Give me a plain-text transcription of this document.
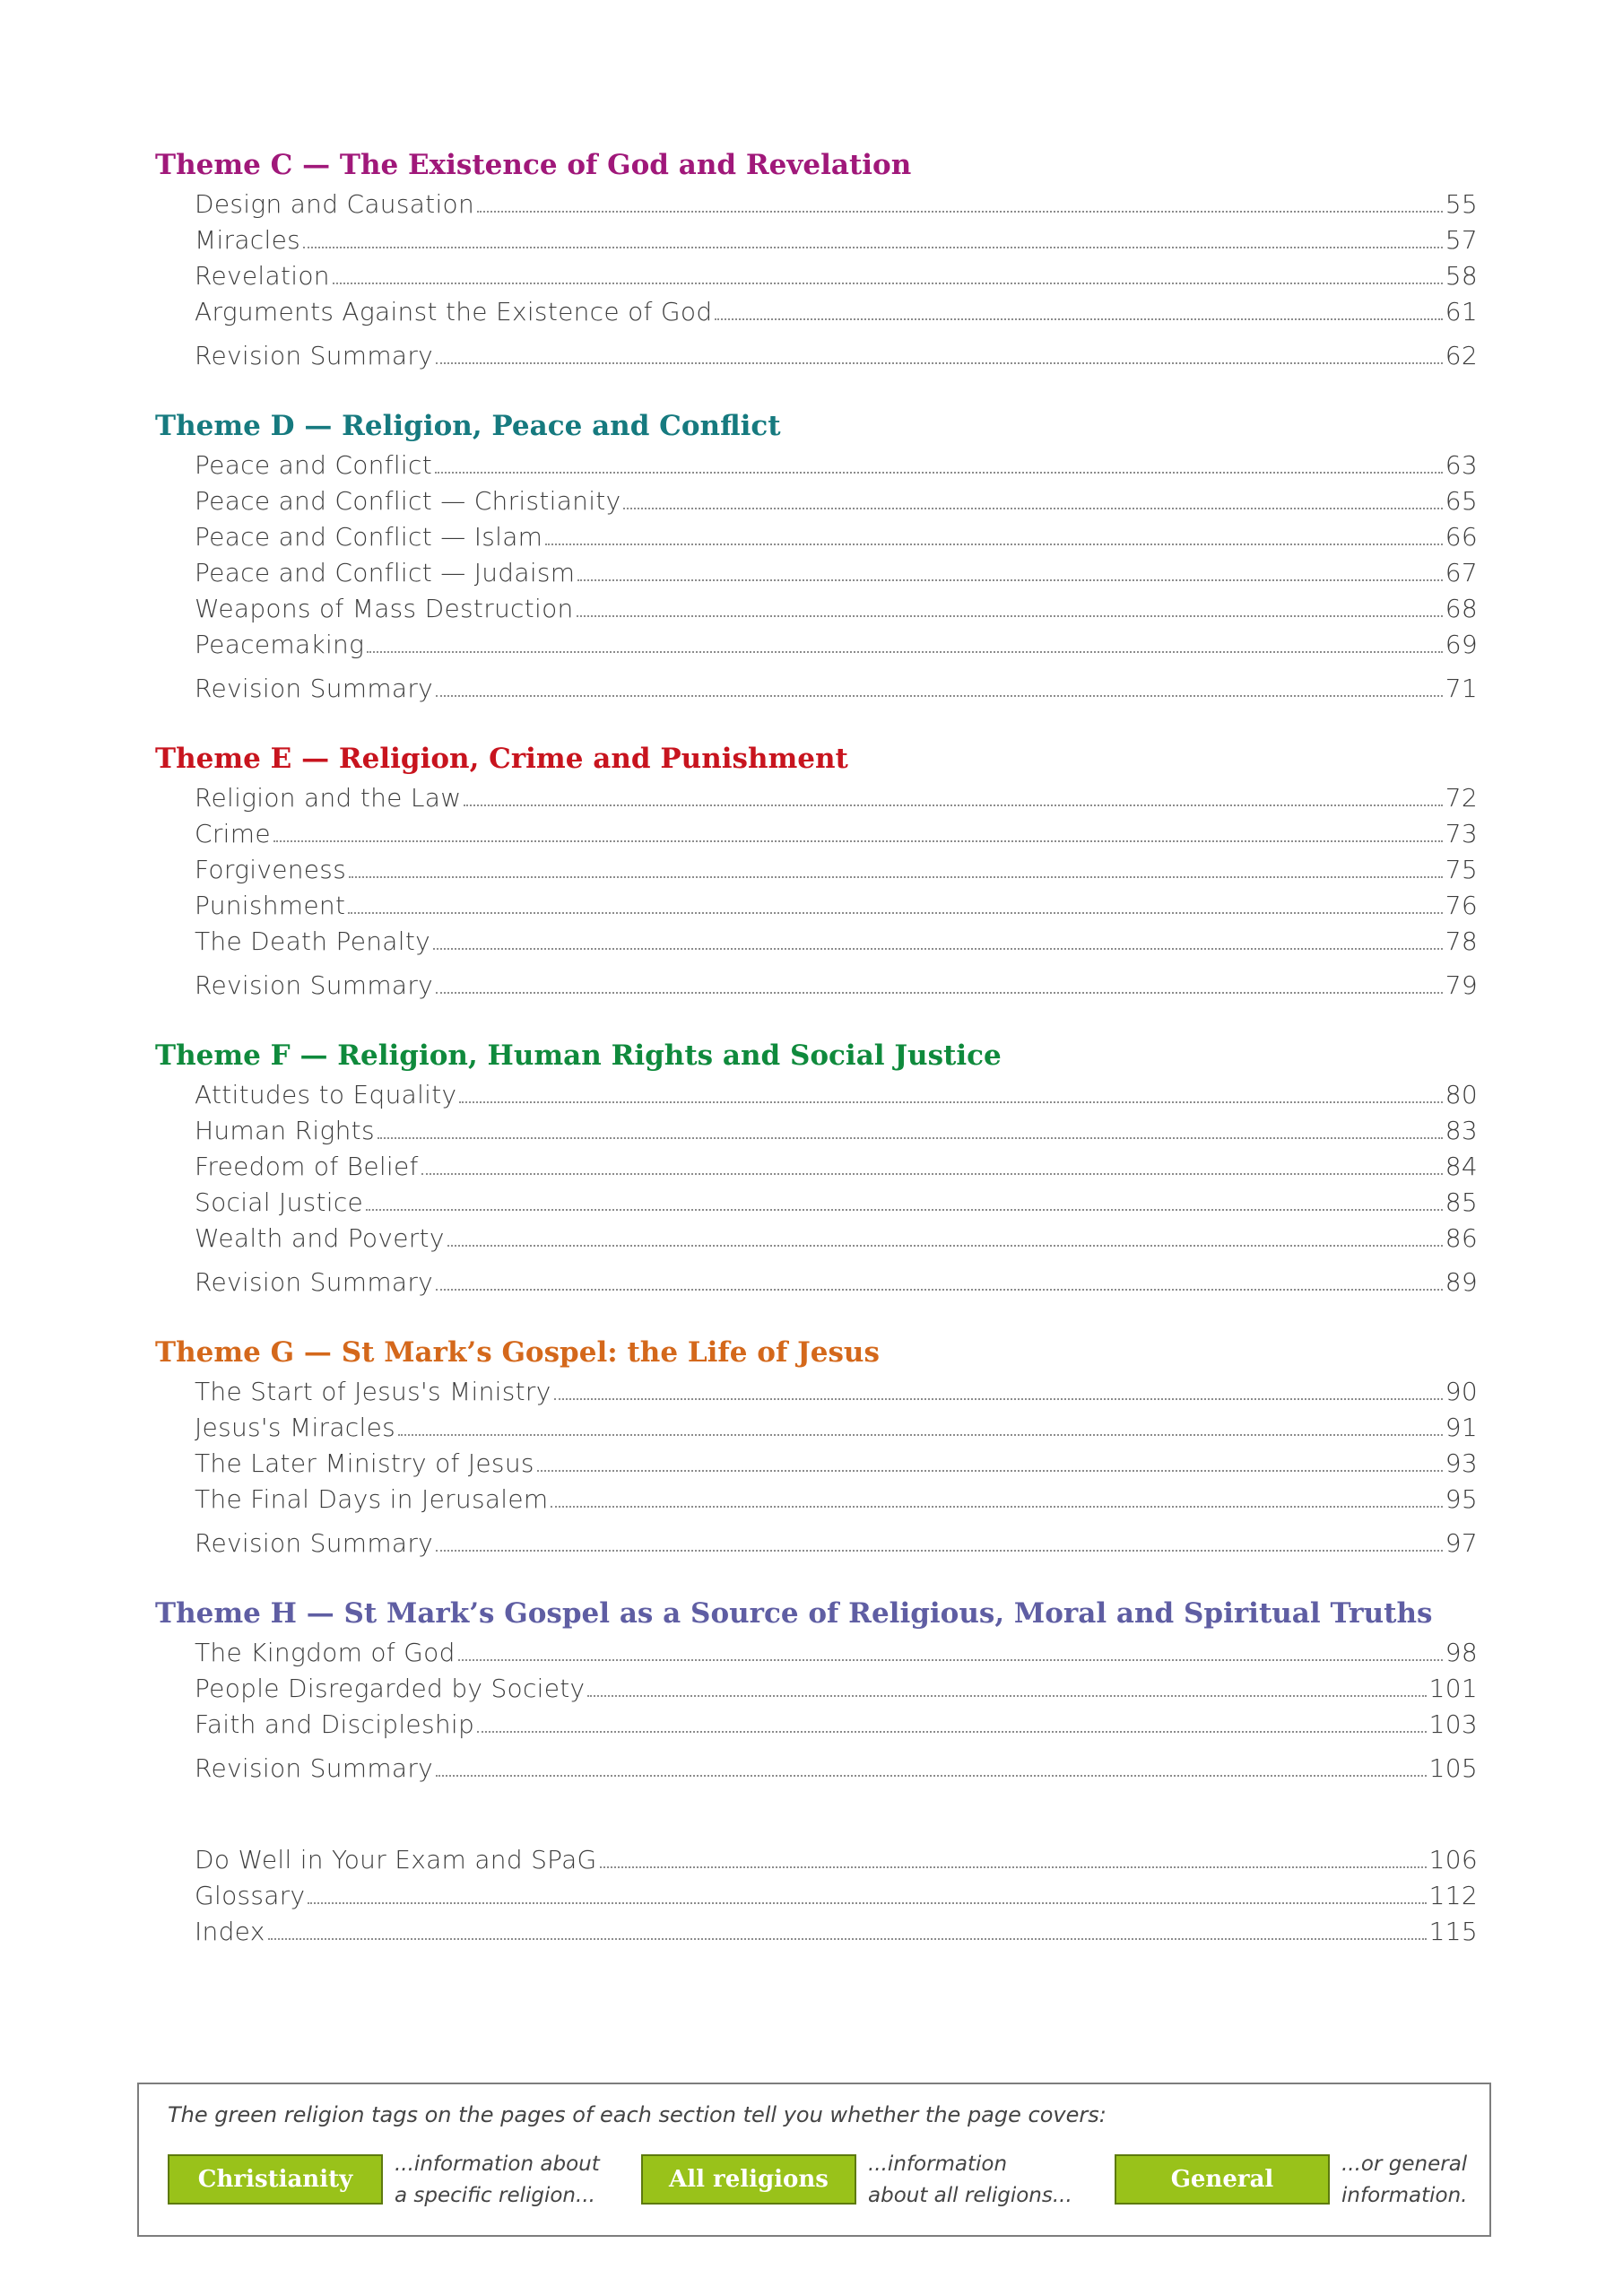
Theme C — The Existence of God and Revelation
Design and Causation	55
Miracles	57
Revelation	58
Arguments Against the Existence of God	61
Revision Summary	62
Theme D — Religion, Peace and Conflict
Peace and Conflict	63
Peace and Conflict — Christianity	65
Peace and Conflict — Islam	66
Peace and Conflict — Judaism	67
Weapons of Mass Destruction	68
Peacemaking	69
Revision Summary	71
Theme E — Religion, Crime and Punishment
Religion and the Law	72
Crime	73
Forgiveness	75
Punishment	76
The Death Penalty	78
Revision Summary	79
Theme F — Religion, Human Rights and Social Justice
Attitudes to Equality	80
Human Rights	83
Freedom of Belief	84
Social Justice	85
Wealth and Poverty	86
Revision Summary	89
Theme G — St Mark’s Gospel: the Life of Jesus
The Start of Jesus's Ministry	90
Jesus's Miracles	91
The Later Ministry of Jesus	93
The Final Days in Jerusalem	95
Revision Summary	97
Theme H — St Mark’s Gospel as a Source of Religious, Moral and Spiritual Truths
The Kingdom of God	98
People Disregarded by Society	101
Faith and Discipleship	103
Revision Summary	105
Do Well in Your Exam and SPaG	106
Glossary	112
Index	115
The green religion tags on the pages of each section tell you whether the page covers:
Christianity
...information about
a specific religion...
All religions
...information
about all religions...
General
...or general
information.
